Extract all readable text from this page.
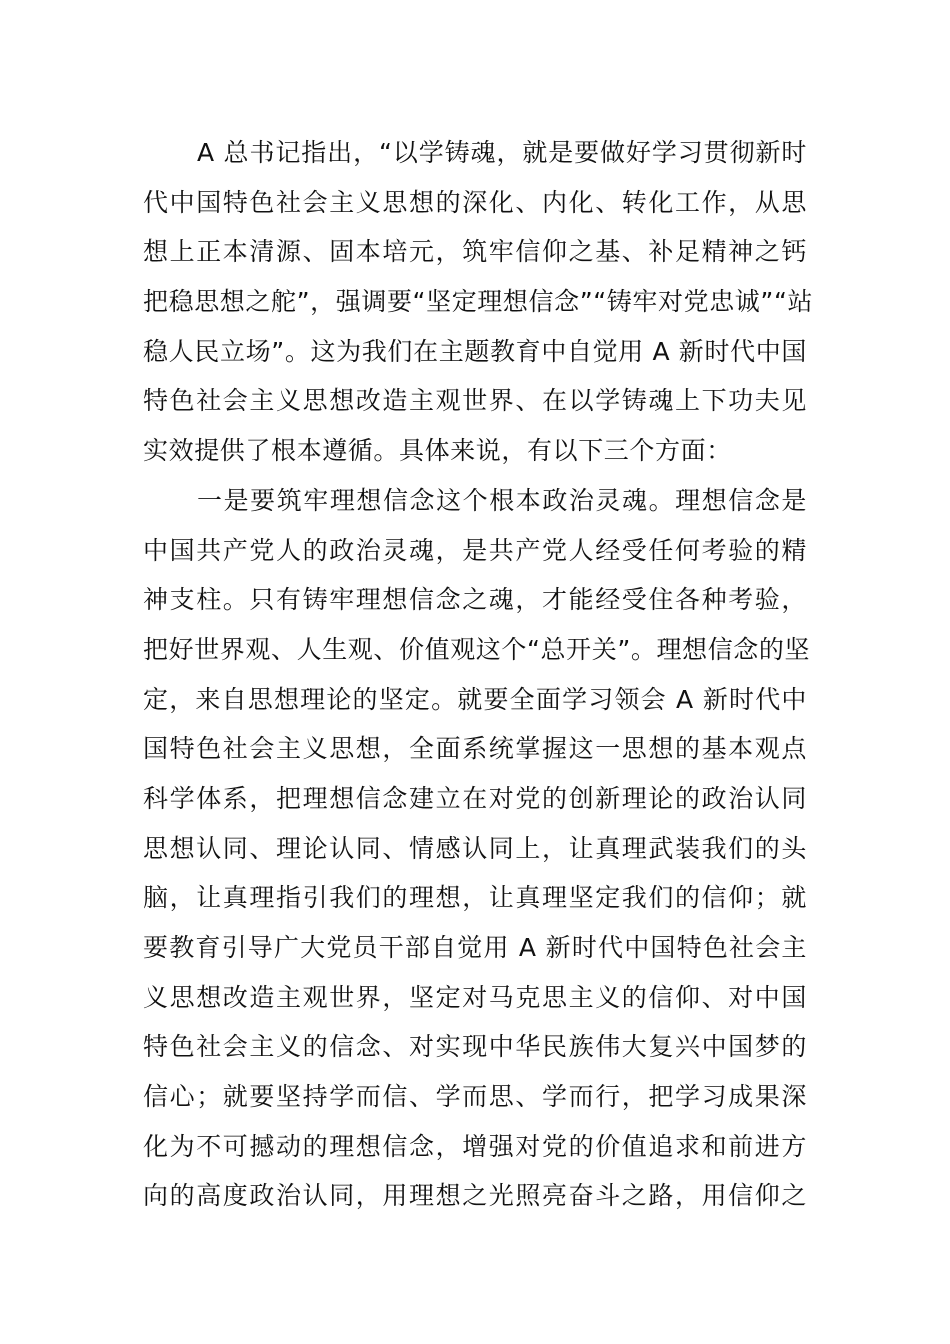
A 总书记指出，“以学铸魂，就是要做好学习贯彻新时
代中国特色社会主义思想的深化、内化、转化工作，从思
想上正本清源、固本培元，筑牢信仰之基、补足精神之钙
把稳思想之舵”，强调要“坚定理想信念”“铸牢对党忠诚”“站
稳人民立场”。这为我们在主题教育中自觉用 A 新时代中国
特色社会主义思想改造主观世界、在以学铸魂上下功夫见
实效提供了根本遵循。具体来说，有以下三个方面：
一是要筑牢理想信念这个根本政治灵魂。理想信念是
中国共产党人的政治灵魂，是共产党人经受任何考验的精
神支柱。只有铸牢理想信念之魂，才能经受住各种考验，
把好世界观、人生观、价值观这个“总开关”。理想信念的坚
定，来自思想理论的坚定。就要全面学习领会 A 新时代中
国特色社会主义思想，全面系统掌握这一思想的基本观点
科学体系，把理想信念建立在对党的创新理论的政治认同
思想认同、理论认同、情感认同上，让真理武装我们的头
脑，让真理指引我们的理想，让真理坚定我们的信仰；就
要教育引导广大党员干部自觉用 A 新时代中国特色社会主
义思想改造主观世界，坚定对马克思主义的信仰、对中国
特色社会主义的信念、对实现中华民族伟大复兴中国梦的
信心；就要坚持学而信、学而思、学而行，把学习成果深
化为不可撼动的理想信念，增强对党的价值追求和前进方
向的高度政治认同，用理想之光照亮奋斗之路，用信仰之
